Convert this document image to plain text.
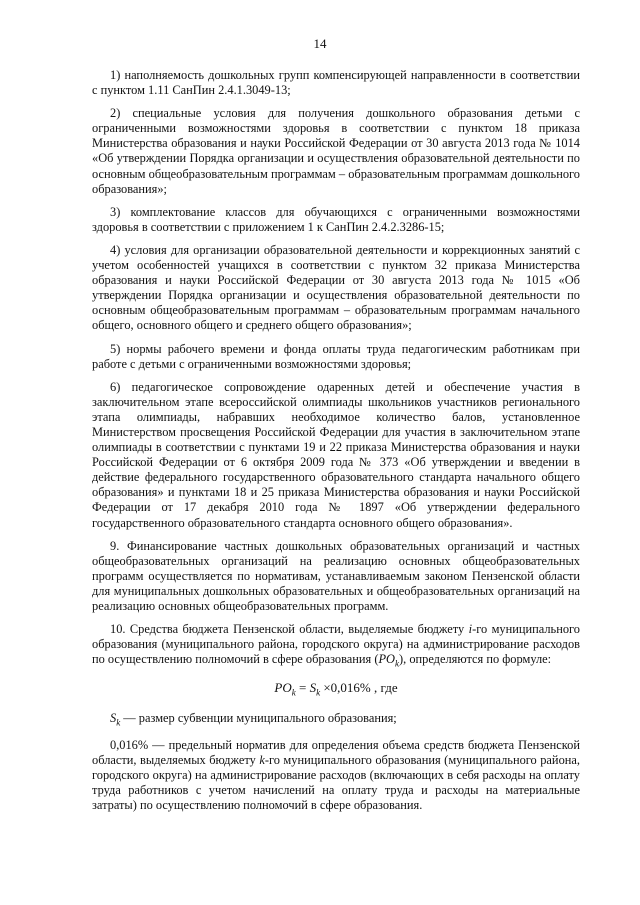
14

1) наполняемость дошкольных групп компенсирующей направленности в соответствии с пунктом 1.11 СанПин 2.4.1.3049-13;

2) специальные условия для получения дошкольного образования детьми с ограниченными возможностями здоровья в соответствии с пунктом 18 приказа Министерства образования и науки Российской Федерации от 30 августа 2013 года № 1014 «Об утверждении Порядка организации и осуществления образовательной деятельности по основным общеобразовательным программам – образовательным программам дошкольного образования»;

3) комплектование классов для обучающихся с ограниченными возможностями здоровья в соответствии с приложением 1 к СанПин 2.4.2.3286-15;

4) условия для организации образовательной деятельности и коррекционных занятий с учетом особенностей учащихся в соответствии с пунктом 32 приказа Министерства образования и науки Российской Федерации от 30 августа 2013 года № 1015 «Об утверждении Порядка организации и осуществления образовательной деятельности по основным общеобразовательным программам – образовательным программам начального общего, основного общего и среднего общего образования»;

5) нормы рабочего времени и фонда оплаты труда педагогическим работникам при работе с детьми с ограниченными возможностями здоровья;

6) педагогическое сопровождение одаренных детей и обеспечение участия в заключительном этапе всероссийской олимпиады школьников участников регионального этапа олимпиады, набравших необходимое количество балов, установленное Министерством просвещения Российской Федерации для участия в заключительном этапе олимпиады в соответствии с пунктами 19 и 22 приказа Министерства образования и науки Российской Федерации от 6 октября 2009 года № 373 «Об утверждении и введении в действие федерального государственного образовательного стандарта начального общего образования» и пунктами 18 и 25 приказа Министерства образования и науки Российской Федерации от 17 декабря 2010 года № 1897 «Об утверждении федерального государственного образовательного стандарта основного общего образования».

9. Финансирование частных дошкольных образовательных организаций и частных общеобразовательных организаций на реализацию основных общеобразовательных программ осуществляется по нормативам, устанавливаемым законом Пензенской области для муниципальных дошкольных образовательных и общеобразовательных организаций на реализацию основных общеобразовательных программ.

10. Средства бюджета Пензенской области, выделяемые бюджету i-го муниципального образования (муниципального района, городского округа) на администрирование расходов по осуществлению полномочий в сфере образования $(PO_k)$, определяются по формуле:

$PO_k = S_k \times 0,016\%$ , где

$S_k$ — размер субвенции муниципального образования;

0,016% — предельный норматив для определения объема средств бюджета Пензенской области, выделяемых бюджету k-го муниципального образования (муниципального района, городского округа) на администрирование расходов (включающих в себя расходы на оплату труда работников с учетом начислений на оплату труда и расходы на материальные затраты) по осуществлению полномочий в сфере образования.
